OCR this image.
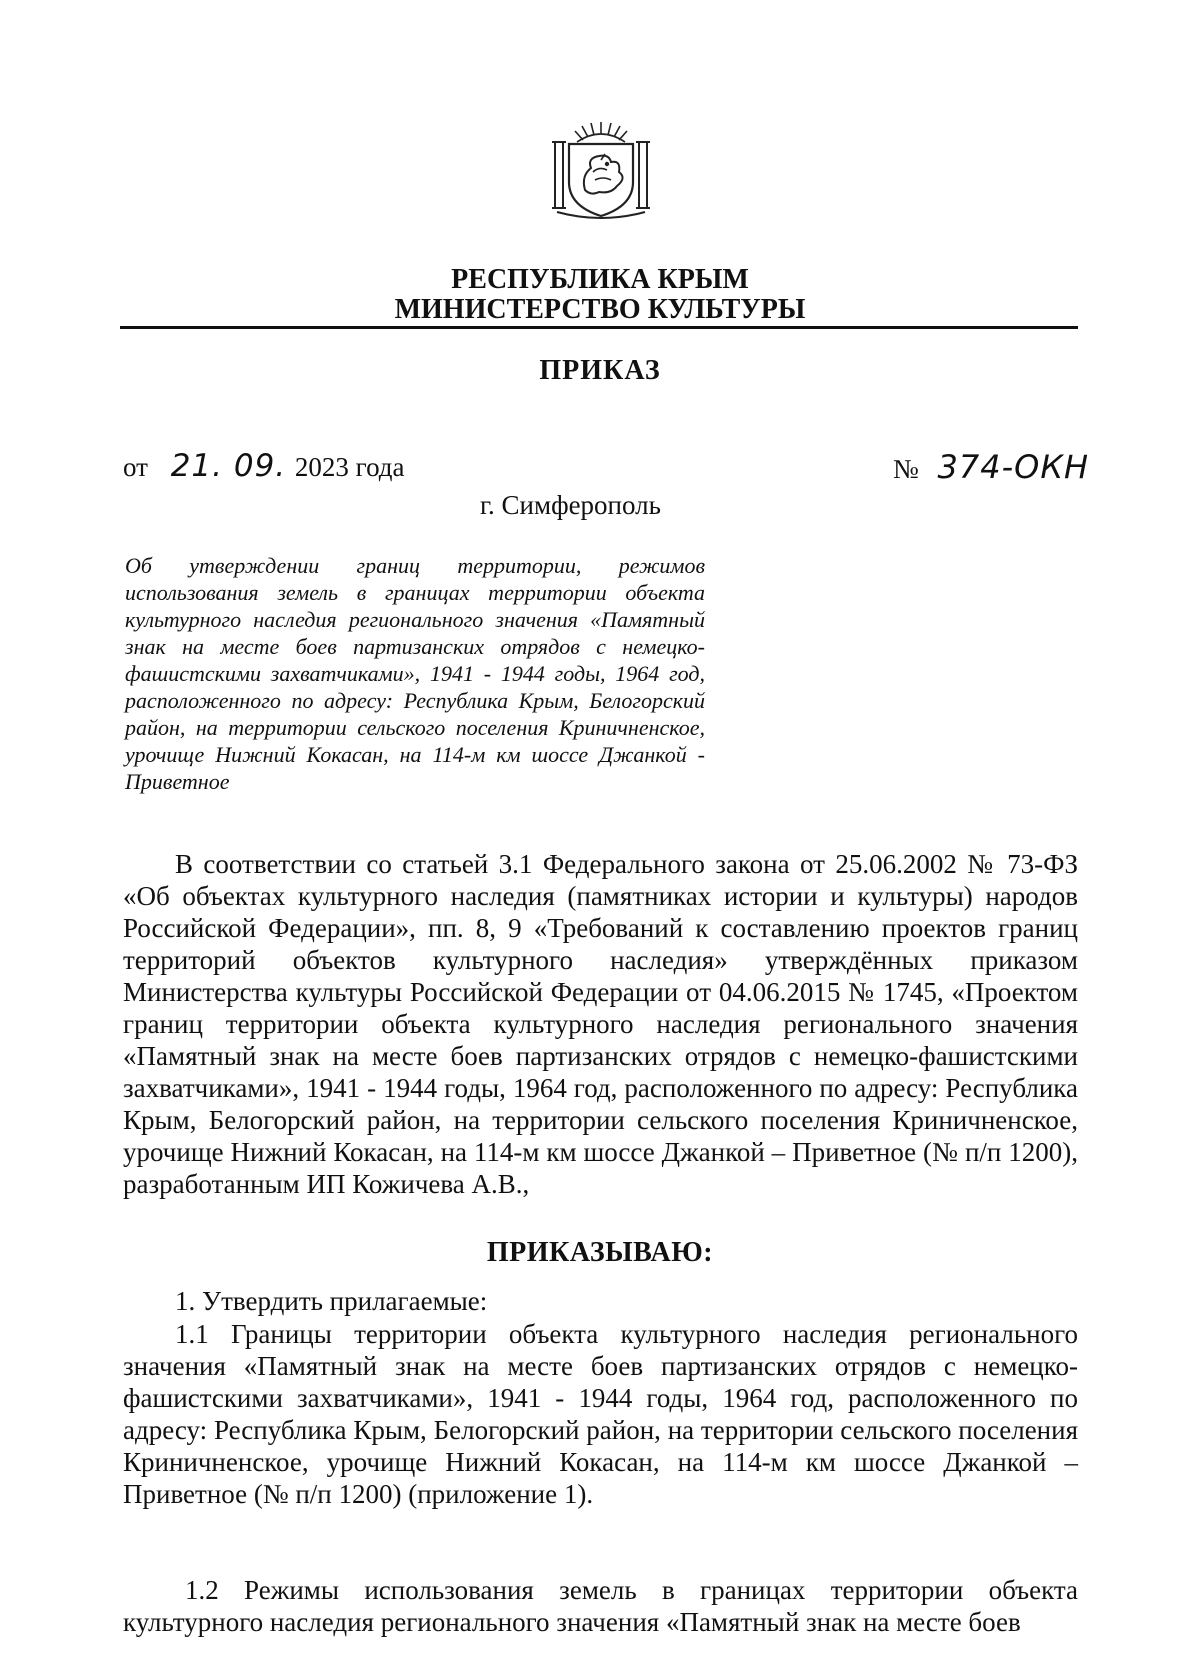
РЕСПУБЛИКА КРЫМ
МИНИСТЕРСТВО КУЛЬТУРЫ
ПРИКАЗ
от 21. 09. 2023 года	№ 374-ОКН
г. Симферополь
Об утверждении границ территории, режимов использования земель в границах территории объекта культурного наследия регионального значения «Памятный знак на месте боев партизанских отрядов с немецко-фашистскими захватчиками», 1941 - 1944 годы, 1964 год, расположенного по адресу: Республика Крым, Белогорский район, на территории сельского поселения Криничненское, урочище Нижний Кокасан, на 114-м км шоссе Джанкой - Приветное
В соответствии со статьей 3.1 Федерального закона от 25.06.2002 № 73-ФЗ «Об объектах культурного наследия (памятниках истории и культуры) народов Российской Федерации», пп. 8, 9 «Требований к составлению проектов границ территорий объектов культурного наследия» утверждённых приказом Министерства культуры Российской Федерации от 04.06.2015 № 1745, «Проектом границ территории объекта культурного наследия регионального значения «Памятный знак на месте боев партизанских отрядов с немецко-фашистскими захватчиками», 1941 - 1944 годы, 1964 год, расположенного по адресу: Республика Крым, Белогорский район, на территории сельского поселения Криничненское, урочище Нижний Кокасан, на 114-м км шоссе Джанкой – Приветное (№ п/п 1200), разработанным ИП Кожичева А.В.,
ПРИКАЗЫВАЮ:
1. Утвердить прилагаемые:
1.1 Границы территории объекта культурного наследия регионального значения «Памятный знак на месте боев партизанских отрядов с немецко-фашистскими захватчиками», 1941 - 1944 годы, 1964 год, расположенного по адресу: Республика Крым, Белогорский район, на территории сельского поселения Криничненское, урочище Нижний Кокасан, на 114-м км шоссе Джанкой – Приветное (№ п/п 1200) (приложение 1).
1.2 Режимы использования земель в границах территории объекта культурного наследия регионального значения «Памятный знак на месте боев
